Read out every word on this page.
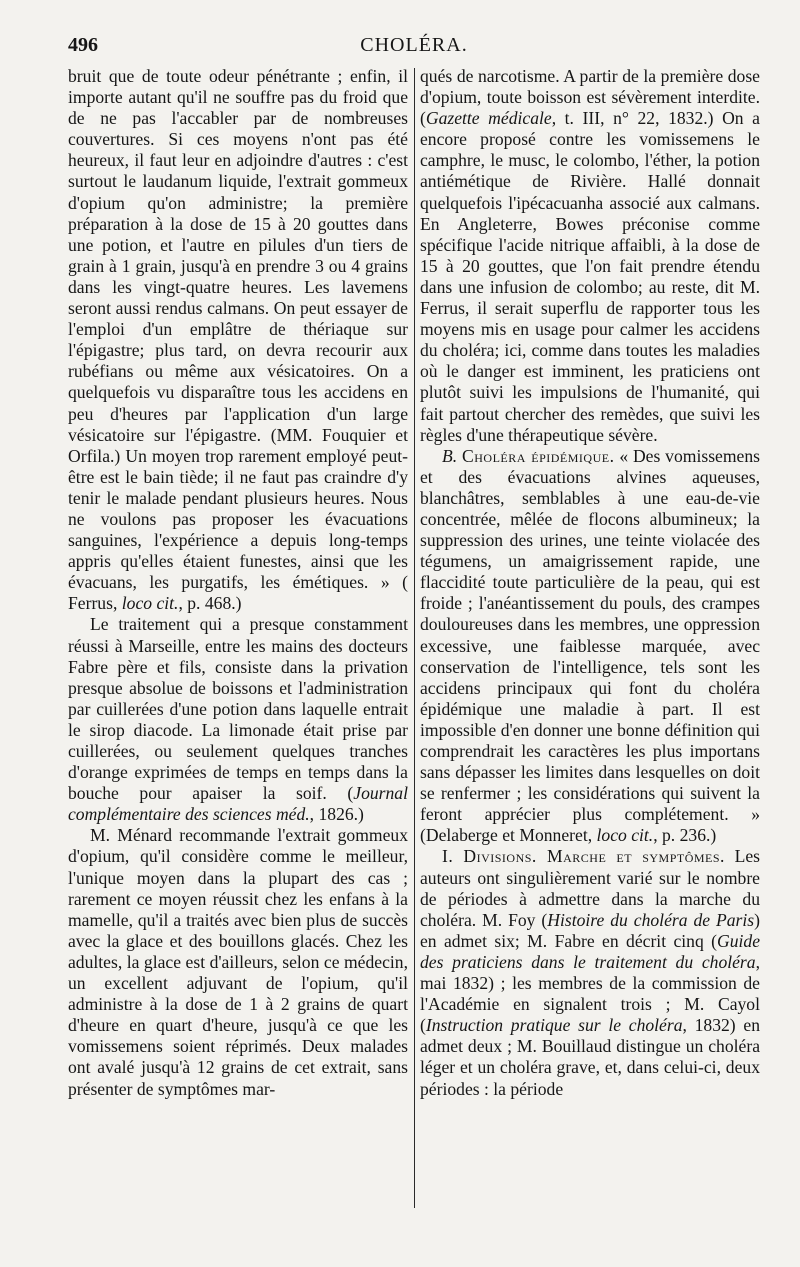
CHOLÉRA.
496

bruit que de toute odeur pénétrante ; enfin, il importe autant qu'il ne souffre pas du froid que de ne pas l'accabler par de nombreuses couvertures. Si ces moyens n'ont pas été heureux, il faut leur en adjoindre d'autres : c'est surtout le laudanum liquide, l'extrait gommeux d'opium qu'on administre; la première préparation à la dose de 15 à 20 gouttes dans une potion, et l'autre en pilules d'un tiers de grain à 1 grain, jusqu'à en prendre 3 ou 4 grains dans les vingt-quatre heures. Les lavemens seront aussi rendus calmans. On peut essayer de l'emploi d'un emplâtre de thériaque sur l'épigastre; plus tard, on devra recourir aux rubéfians ou même aux vésicatoires. On a quelquefois vu disparaître tous les accidens en peu d'heures par l'application d'un large vésicatoire sur l'épigastre. (MM. Fouquier et Orfila.) Un moyen trop rarement employé peut-être est le bain tiède; il ne faut pas craindre d'y tenir le malade pendant plusieurs heures. Nous ne voulons pas proposer les évacuations sanguines, l'expérience a depuis long-temps appris qu'elles étaient funestes, ainsi que les évacuans, les purgatifs, les émétiques. » ( Ferrus, loco cit., p. 468.)

Le traitement qui a presque constamment réussi à Marseille, entre les mains des docteurs Fabre père et fils, consiste dans la privation presque absolue de boissons et l'administration par cuillerées d'une potion dans laquelle entrait le sirop diacode. La limonade était prise par cuillerées, ou seulement quelques tranches d'orange exprimées de temps en temps dans la bouche pour apaiser la soif. (Journal complémentaire des sciences méd., 1826.)

M. Ménard recommande l'extrait gommeux d'opium, qu'il considère comme le meilleur, l'unique moyen dans la plupart des cas ; rarement ce moyen réussit chez les enfans à la mamelle, qu'il a traités avec bien plus de succès avec la glace et des bouillons glacés. Chez les adultes, la glace est d'ailleurs, selon ce médecin, un excellent adjuvant de l'opium, qu'il administre à la dose de 1 à 2 grains de quart d'heure en quart d'heure, jusqu'à ce que les vomissemens soient réprimés. Deux malades ont avalé jusqu'à 12 grains de cet extrait, sans présenter de symptômes mar-

qués de narcotisme. A partir de la première dose d'opium, toute boisson est sévèrement interdite. (Gazette médicale, t. III, n° 22, 1832.) On a encore proposé contre les vomissemens le camphre, le musc, le colombo, l'éther, la potion antiémétique de Rivière. Hallé donnait quelquefois l'ipécacuanha associé aux calmans. En Angleterre, Bowes préconise comme spécifique l'acide nitrique affaibli, à la dose de 15 à 20 gouttes, que l'on fait prendre étendu dans une infusion de colombo; au reste, dit M. Ferrus, il serait superflu de rapporter tous les moyens mis en usage pour calmer les accidens du choléra; ici, comme dans toutes les maladies où le danger est imminent, les praticiens ont plutôt suivi les impulsions de l'humanité, qui fait partout chercher des remèdes, que suivi les règles d'une thérapeutique sévère.

B. Choléra épidémique. « Des vomissemens et des évacuations alvines aqueuses, blanchâtres, semblables à une eau-de-vie concentrée, mêlée de flocons albumineux; la suppression des urines, une teinte violacée des tégumens, un amaigrissement rapide, une flaccidité toute particulière de la peau, qui est froide ; l'anéantissement du pouls, des crampes douloureuses dans les membres, une oppression excessive, une faiblesse marquée, avec conservation de l'intelligence, tels sont les accidens principaux qui font du choléra épidémique une maladie à part. Il est impossible d'en donner une bonne définition qui comprendrait les caractères les plus importans sans dépasser les limites dans lesquelles on doit se renfermer ; les considérations qui suivent la feront apprécier plus complétement. » (Delaberge et Monneret, loco cit., p. 236.)

I. Divisions. Marche et symptômes. Les auteurs ont singulièrement varié sur le nombre de périodes à admettre dans la marche du choléra. M. Foy (Histoire du choléra de Paris) en admet six; M. Fabre en décrit cinq (Guide des praticiens dans le traitement du choléra, mai 1832) ; les membres de la commission de l'Académie en signalent trois ; M. Cayol (Instruction pratique sur le choléra, 1832) en admet deux ; M. Bouillaud distingue un choléra léger et un choléra grave, et, dans celui-ci, deux périodes : la période
